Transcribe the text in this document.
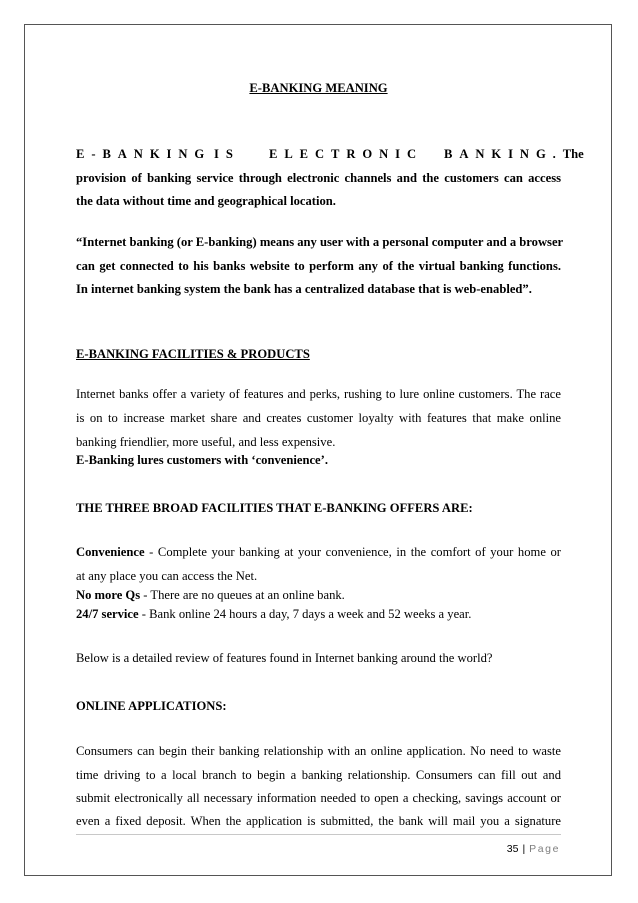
E-BANKING MEANING
E-BANKING IS	ELECTRONIC	BANKING.The
provision of banking service through electronic channels and the customers can access
the data without time and geographical location.
“Internet banking (or E-banking) means any user with a personal computer and a browser
can get connected to his banks website to perform any of the virtual banking functions.
In internet banking system the bank has a centralized database that is web-enabled”.
E-BANKING FACILITIES & PRODUCTS
Internet banks offer a variety of features and perks, rushing to lure online customers. The race
is on to increase market share and creates customer loyalty with features that make online
banking friendlier, more useful, and less expensive.
E-Banking lures customers with ‘convenience’.
THE THREE BROAD FACILITIES THAT E-BANKING OFFERS ARE:
Convenience - Complete your banking at your convenience, in the comfort of your home or
at any place you can access the Net.
No more Qs - There are no queues at an online bank.
24/7 service - Bank online 24 hours a day, 7 days a week and 52 weeks a year.
Below is a detailed review of features found in Internet banking around the world?
ONLINE APPLICATIONS:
Consumers can begin their banking relationship with an online application. No need to waste
time driving to a local branch to begin a banking relationship. Consumers can fill out and
submit electronically all necessary information needed to open a checking, savings account or
even a fixed deposit. When the application is submitted, the bank will mail you a signature
35 | Page
